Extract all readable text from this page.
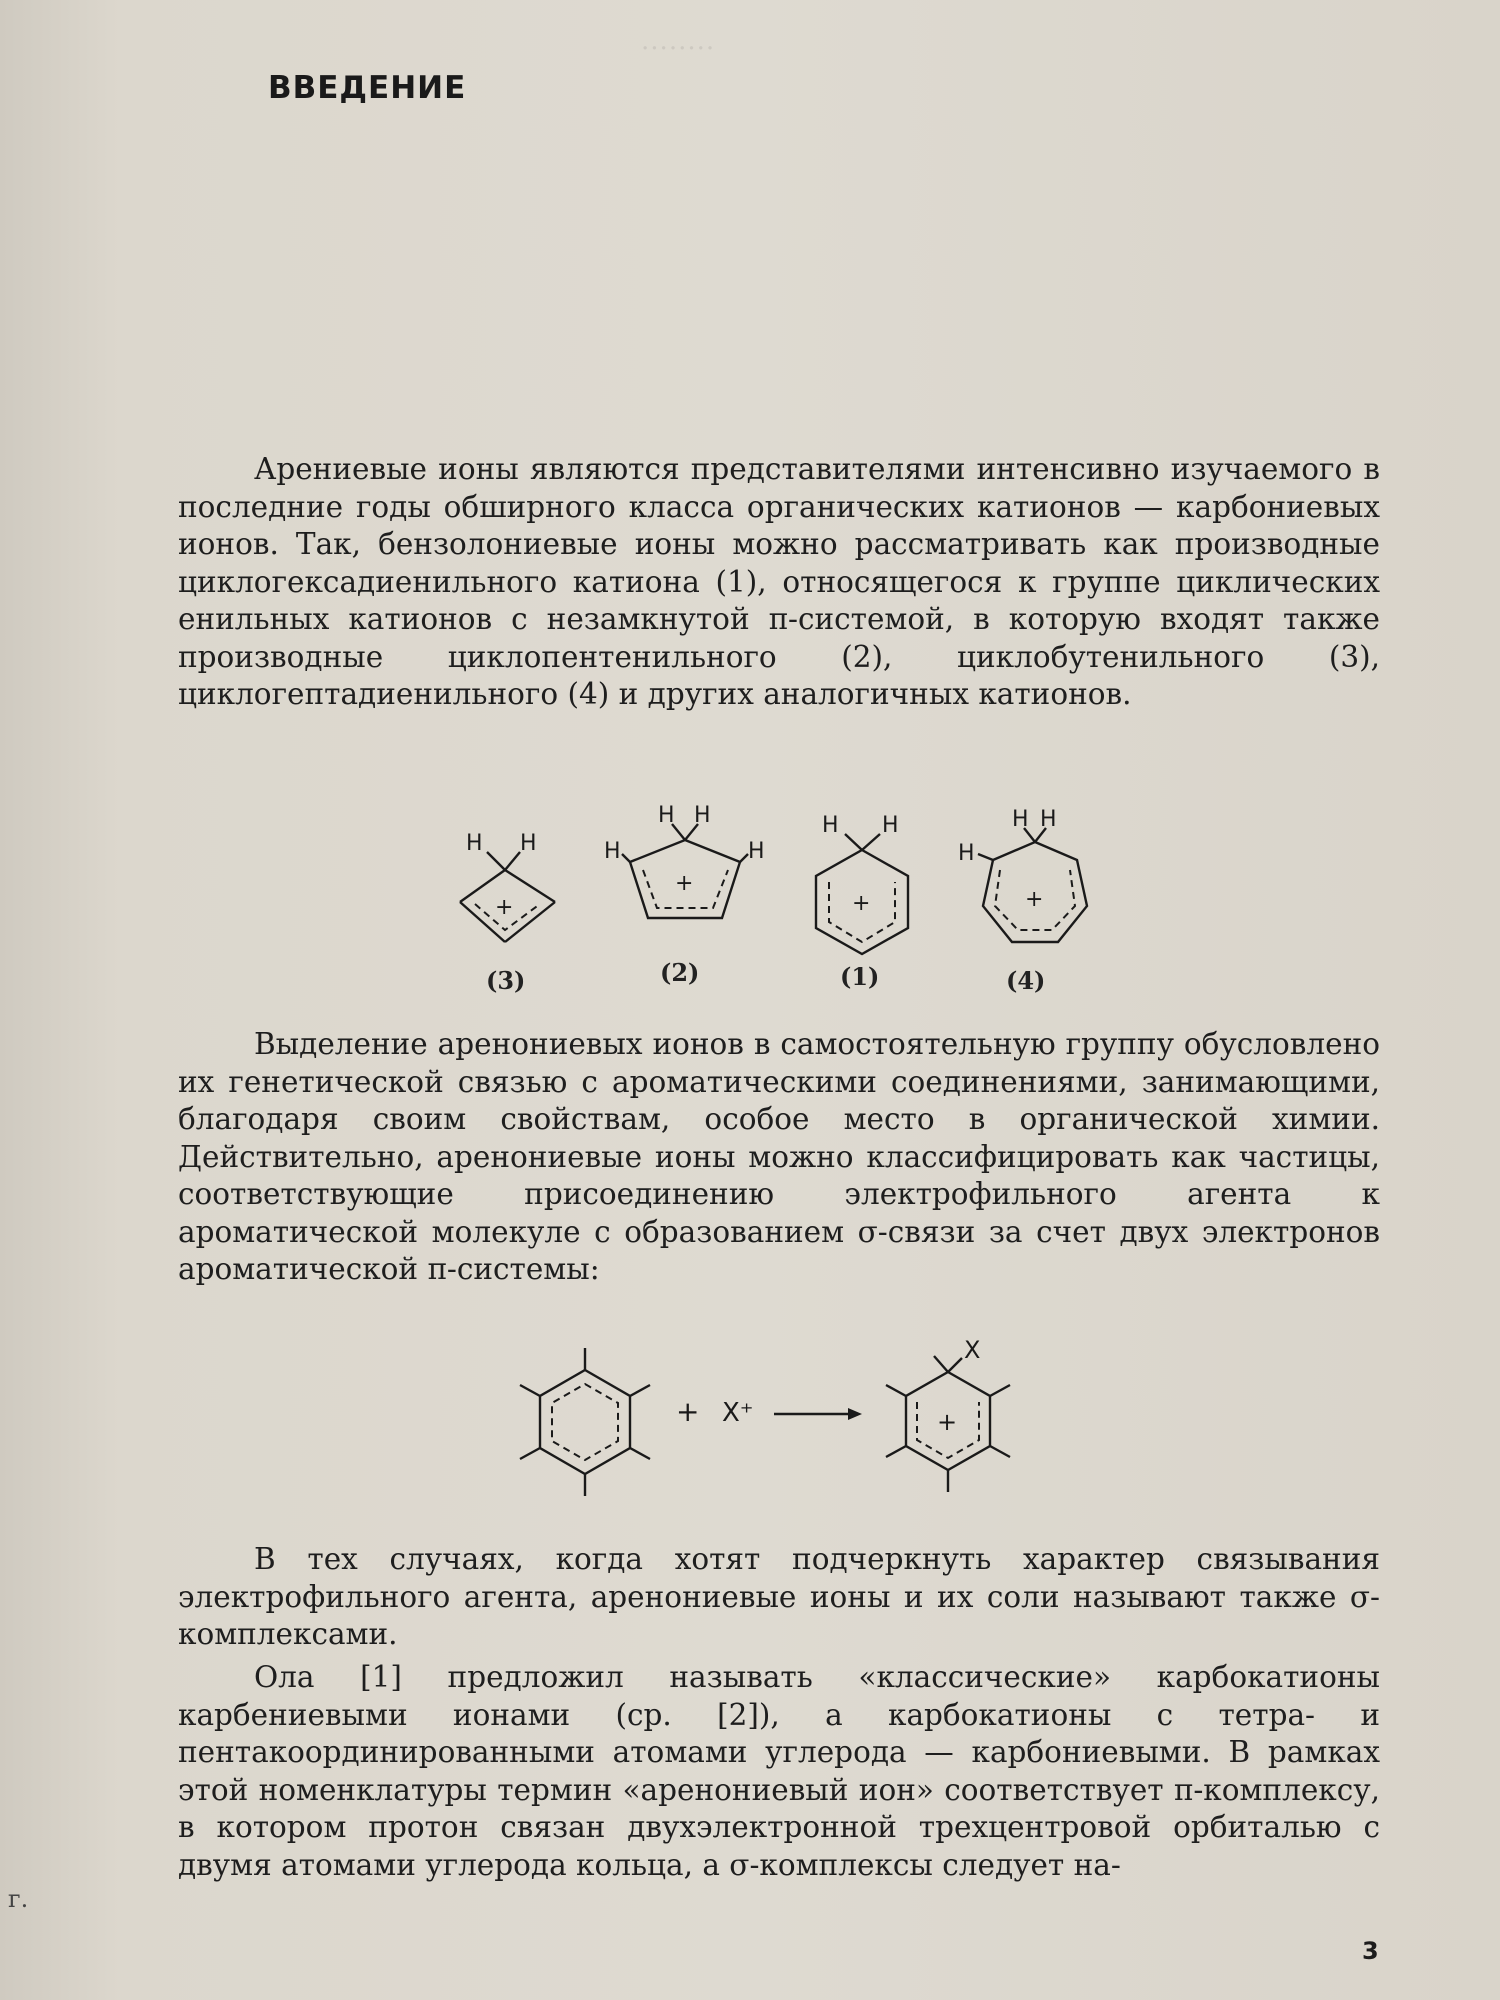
········
ВВЕДЕНИЕ
Арениевые ионы являются представителями интенсивно изучаемого в последние годы обширного класса органических катионов — карбониевых ионов. Так, бензолониевые ионы можно рассматривать как производные циклогексадиенильного катиона (1), относящегося к группе циклических енильных катионов с незамкнутой π-системой, в которую входят также производные циклопентенильного (2), циклобутенильного (3), циклогептадиенильного (4) и других аналогичных катионов.
+
H H
+
H H
H	H
+
H H
+
H H
H
(3)	(2)	(1)	(4)
Выделение аренониевых ионов в самостоятельную группу обусловлено их генетической связью с ароматическими соединениями, занимающими, благодаря своим свойствам, особое место в органической химии. Действительно, аренониевые ионы можно классифицировать как частицы, соответствующие присоединению электрофильного агента к ароматической молекуле с образованием σ-связи за счет двух электронов ароматической π-системы:
+ X⁺	+
X
В тех случаях, когда хотят подчеркнуть характер связывания электрофильного агента, аренониевые ионы и их соли называют также σ-комплексами.
Ола [1] предложил называть «классические» карбокатионы карбениевыми ионами (ср. [2]), а карбокатионы с тетра- и пентакоординированными атомами углерода — карбониевыми. В рамках этой номенклатуры термин «аренониевый ион» соответствует π-комплексу, в котором протон связан двухэлектронной трехцентровой орбиталью с двумя атомами углерода кольца, а σ-комплексы следует на-
3
г.
